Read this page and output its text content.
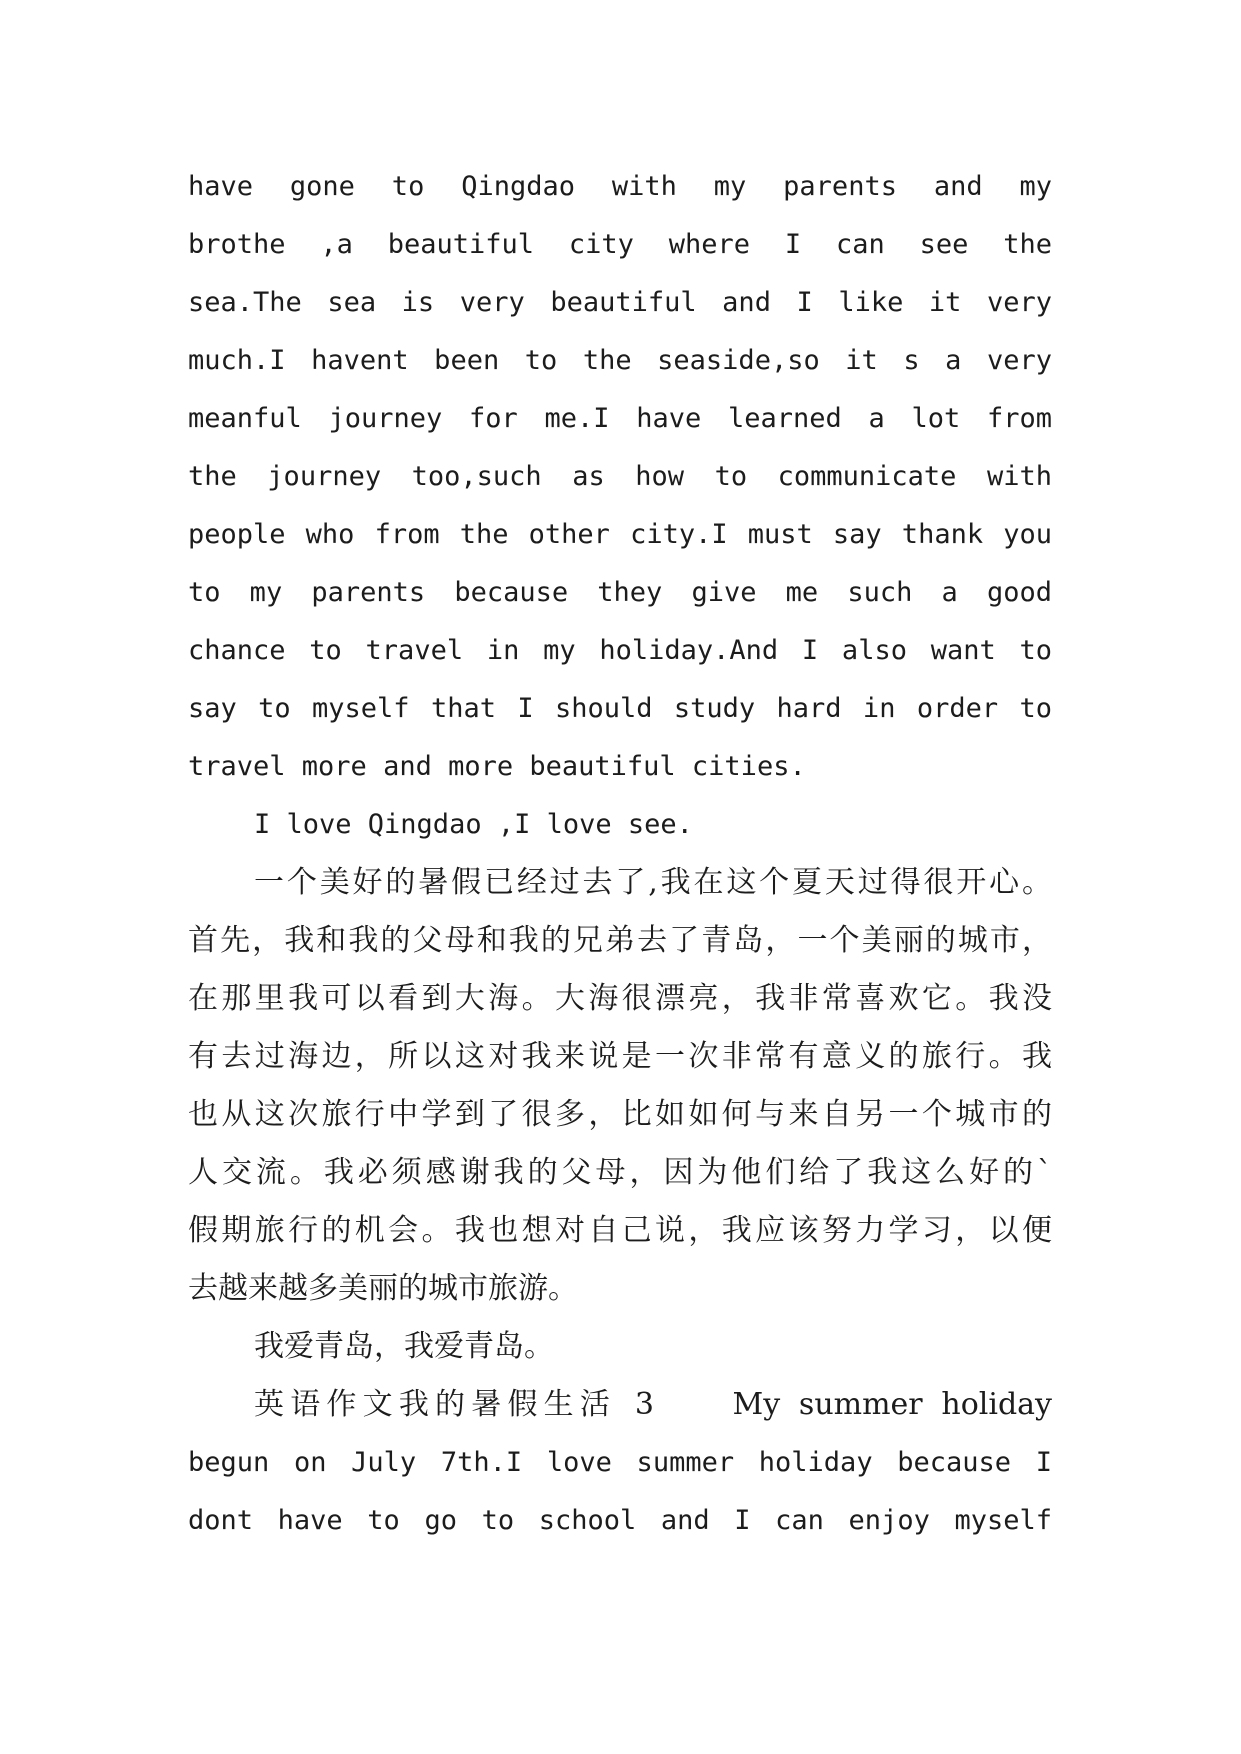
have gone to Qingdao with my parents and my
brothe ,a beautiful city where I can see the
sea.The sea is very beautiful and I like it very
much.I havent been to the seaside,so it s a very
meanful journey for me.I have learned a lot from
the journey too,such as how to communicate with
people who from the other city.I must say thank you
to my parents because they give me such a good
chance to travel in my holiday.And I also want to
say to myself that I should study hard in order to
travel more and more beautiful cities.
I love Qingdao ,I love see.
一个美好的暑假已经过去了,我在这个夏天过得很开心。
首先，我和我的父母和我的兄弟去了青岛，一个美丽的城市，
在那里我可以看到大海。大海很漂亮，我非常喜欢它。我没
有去过海边，所以这对我来说是一次非常有意义的旅行。我
也从这次旅行中学到了很多，比如如何与来自另一个城市的
人交流。我必须感谢我的父母，因为他们给了我这么好的`
假期旅行的机会。我也想对自己说，我应该努力学习，以便
去越来越多美丽的城市旅游。
我爱青岛，我爱青岛。
英语作文我的暑假生活 3　　My summer holiday
begun on July 7th.I love summer holiday because I
dont have to go to school and I can enjoy myself
